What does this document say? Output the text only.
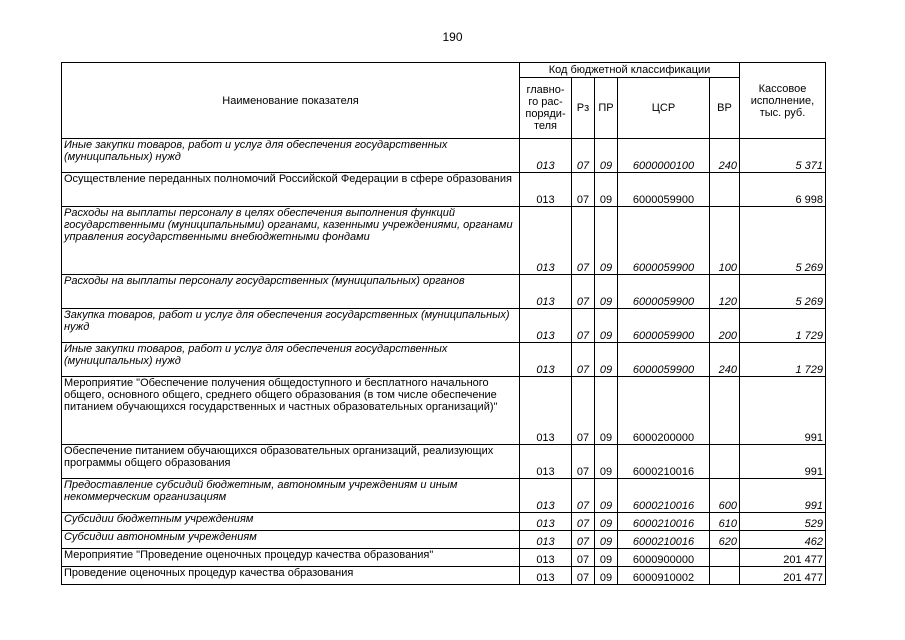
190
Наименование показателя	Код бюджетной классификации					Кассовое исполнение, тыс. руб.
	главно-
го рас-
поряди-
теля	Рз	ПР	ЦСР	ВР	
Иные закупки товаров, работ и услуг для обеспечения государственных (муниципальных) нужд	013	07	09	6000000100	240	5 371
Осуществление переданных полномочий Российской Федерации в сфере образования	013	07	09	6000059900		6 998
Расходы на выплаты персоналу в целях обеспечения выполнения функций государственными (муниципальными) органами, казенными учреждениями, органами управления государственными внебюджетными фондами	013	07	09	6000059900	100	5 269
Расходы на выплаты персоналу государственных (муниципальных) органов	013	07	09	6000059900	120	5 269
Закупка товаров, работ и услуг для обеспечения государственных (муниципальных) нужд	013	07	09	6000059900	200	1 729
Иные закупки товаров, работ и услуг для обеспечения государственных (муниципальных) нужд	013	07	09	6000059900	240	1 729
Мероприятие "Обеспечение получения общедоступного и бесплатного начального общего, основного общего, среднего общего образования (в том числе обеспечение питанием обучающихся государственных и частных образовательных организаций)"	013	07	09	6000200000		991
Обеспечение питанием обучающихся образовательных организаций, реализующих программы общего образования	013	07	09	6000210016		991
Предоставление субсидий бюджетным, автономным учреждениям и иным некоммерческим организациям	013	07	09	6000210016	600	991
Субсидии бюджетным учреждениям	013	07	09	6000210016	610	529
Субсидии автономным учреждениям	013	07	09	6000210016	620	462
Мероприятие "Проведение оценочных процедур качества образования"	013	07	09	6000900000		201 477
Проведение оценочных процедур качества образования	013	07	09	6000910002		201 477
